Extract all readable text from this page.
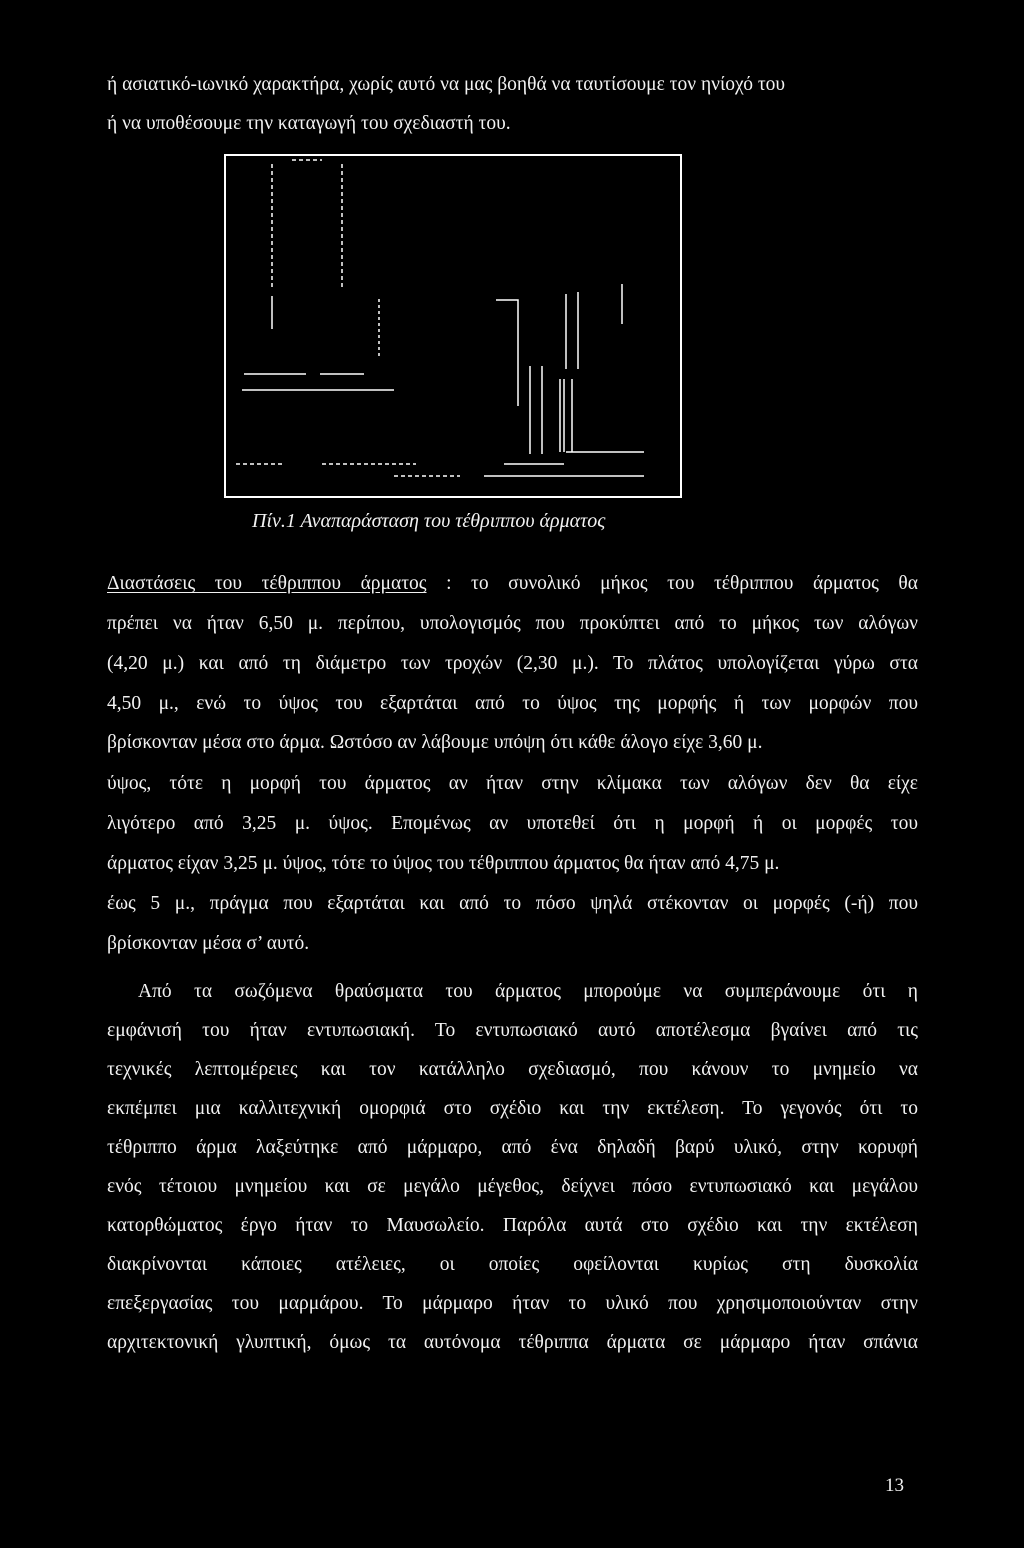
ή ασιατικό-ιωνικό χαρακτήρα, χωρίς αυτό να μας βοηθά να ταυτίσουμε τον ηνίοχό του
ή να υποθέσουμε την καταγωγή του σχεδιαστή του.
Πίν.1 Αναπαράσταση του τέθριππου άρματος
Διαστάσεις του τέθριππου άρματος : το συνολικό μήκος του τέθριππου άρματος θα
πρέπει να ήταν 6,50 μ. περίπου, υπολογισμός που προκύπτει από το μήκος των αλόγων
(4,20 μ.) και από τη διάμετρο των τροχών (2,30 μ.). Το πλάτος υπολογίζεται γύρω στα
4,50 μ., ενώ το ύψος του εξαρτάται από το ύψος της μορφής ή των μορφών που
βρίσκονταν μέσα στο άρμα. Ωστόσο αν λάβουμε υπόψη ότι κάθε άλογο είχε 3,60 μ.
ύψος, τότε η μορφή του άρματος αν ήταν στην κλίμακα των αλόγων δεν θα είχε
λιγότερο από 3,25 μ. ύψος. Επομένως αν υποτεθεί ότι η μορφή ή οι μορφές του
άρματος είχαν 3,25 μ. ύψος, τότε το ύψος του τέθριππου άρματος θα ήταν από 4,75 μ.
έως 5 μ., πράγμα που εξαρτάται και από το πόσο ψηλά στέκονταν οι μορφές (-ή) που
βρίσκονταν μέσα σ’ αυτό.
Από τα σωζόμενα θραύσματα του άρματος μπορούμε να συμπεράνουμε ότι η
εμφάνισή του ήταν εντυπωσιακή. Το εντυπωσιακό αυτό αποτέλεσμα βγαίνει από τις
τεχνικές λεπτομέρειες και τον κατάλληλο σχεδιασμό, που κάνουν το μνημείο να
εκπέμπει μια καλλιτεχνική ομορφιά στο σχέδιο και την εκτέλεση. Το γεγονός ότι το
τέθριππο άρμα λαξεύτηκε από μάρμαρο, από ένα δηλαδή βαρύ υλικό, στην κορυφή
ενός τέτοιου μνημείου και σε μεγάλο μέγεθος, δείχνει πόσο εντυπωσιακό και μεγάλου
κατορθώματος έργο ήταν το Μαυσωλείο. Παρόλα αυτά στο σχέδιο και την εκτέλεση
διακρίνονται κάποιες ατέλειες, οι οποίες οφείλονται κυρίως στη δυσκολία
επεξεργασίας του μαρμάρου. Το μάρμαρο ήταν το υλικό που χρησιμοποιούνταν στην
αρχιτεκτονική γλυπτική, όμως τα αυτόνομα τέθριππα άρματα σε μάρμαρο ήταν σπάνια
13
